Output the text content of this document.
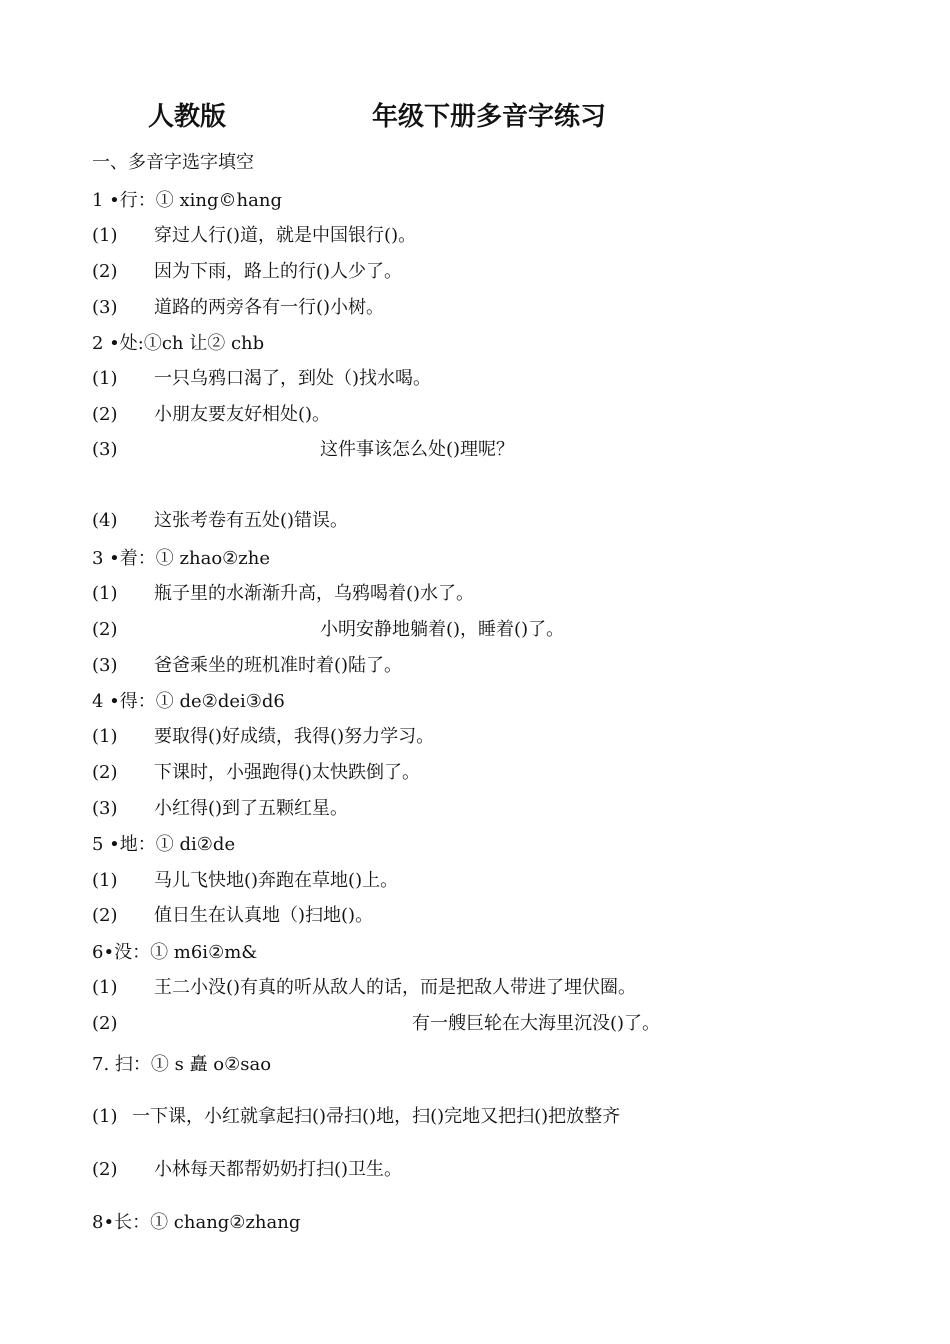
人教版	年级下册多音字练习
一、多音字选字填空
1 •行：① xing©hang
(1) 穿过人行()道，就是中国银行()。
(2) 因为下雨，路上的行()人少了。
(3) 道路的两旁各有一行()小树。
2 •处:①ch 让② chb
(1) 一只乌鸦口渴了，到处（)找水喝。
(2) 小朋友要友好相处()。
(3)	这件事该怎么处()理呢？
(4) 这张考卷有五处()错误。
3 •着：① zhao②zhe
(1) 瓶子里的水渐渐升高，乌鸦喝着()水了。
(2)	小明安静地躺着()，睡着()了。
(3) 爸爸乘坐的班机准时着()陆了。
4 •得：① de②dei③d6
(1) 要取得()好成绩，我得()努力学习。
(2) 下课时，小强跑得()太快跌倒了。
(3) 小红得()到了五颗红星。
5 •地：① di②de
(1) 马儿飞快地()奔跑在草地()上。
(2) 值日生在认真地（)扫地()。
6•没：① m6i②m&
(1) 王二小没()有真的听从敌人的话，而是把敌人带进了埋伏圈。
(2)	有一艘巨轮在大海里沉没()了。
7. 扫：① s 矗 o②sao
(1) 一下课，小红就拿起扫()帚扫()地，扫()完地又把扫()把放整齐
(2) 小林每天都帮奶奶打扫()卫生。
8•长：① chang②zhang
